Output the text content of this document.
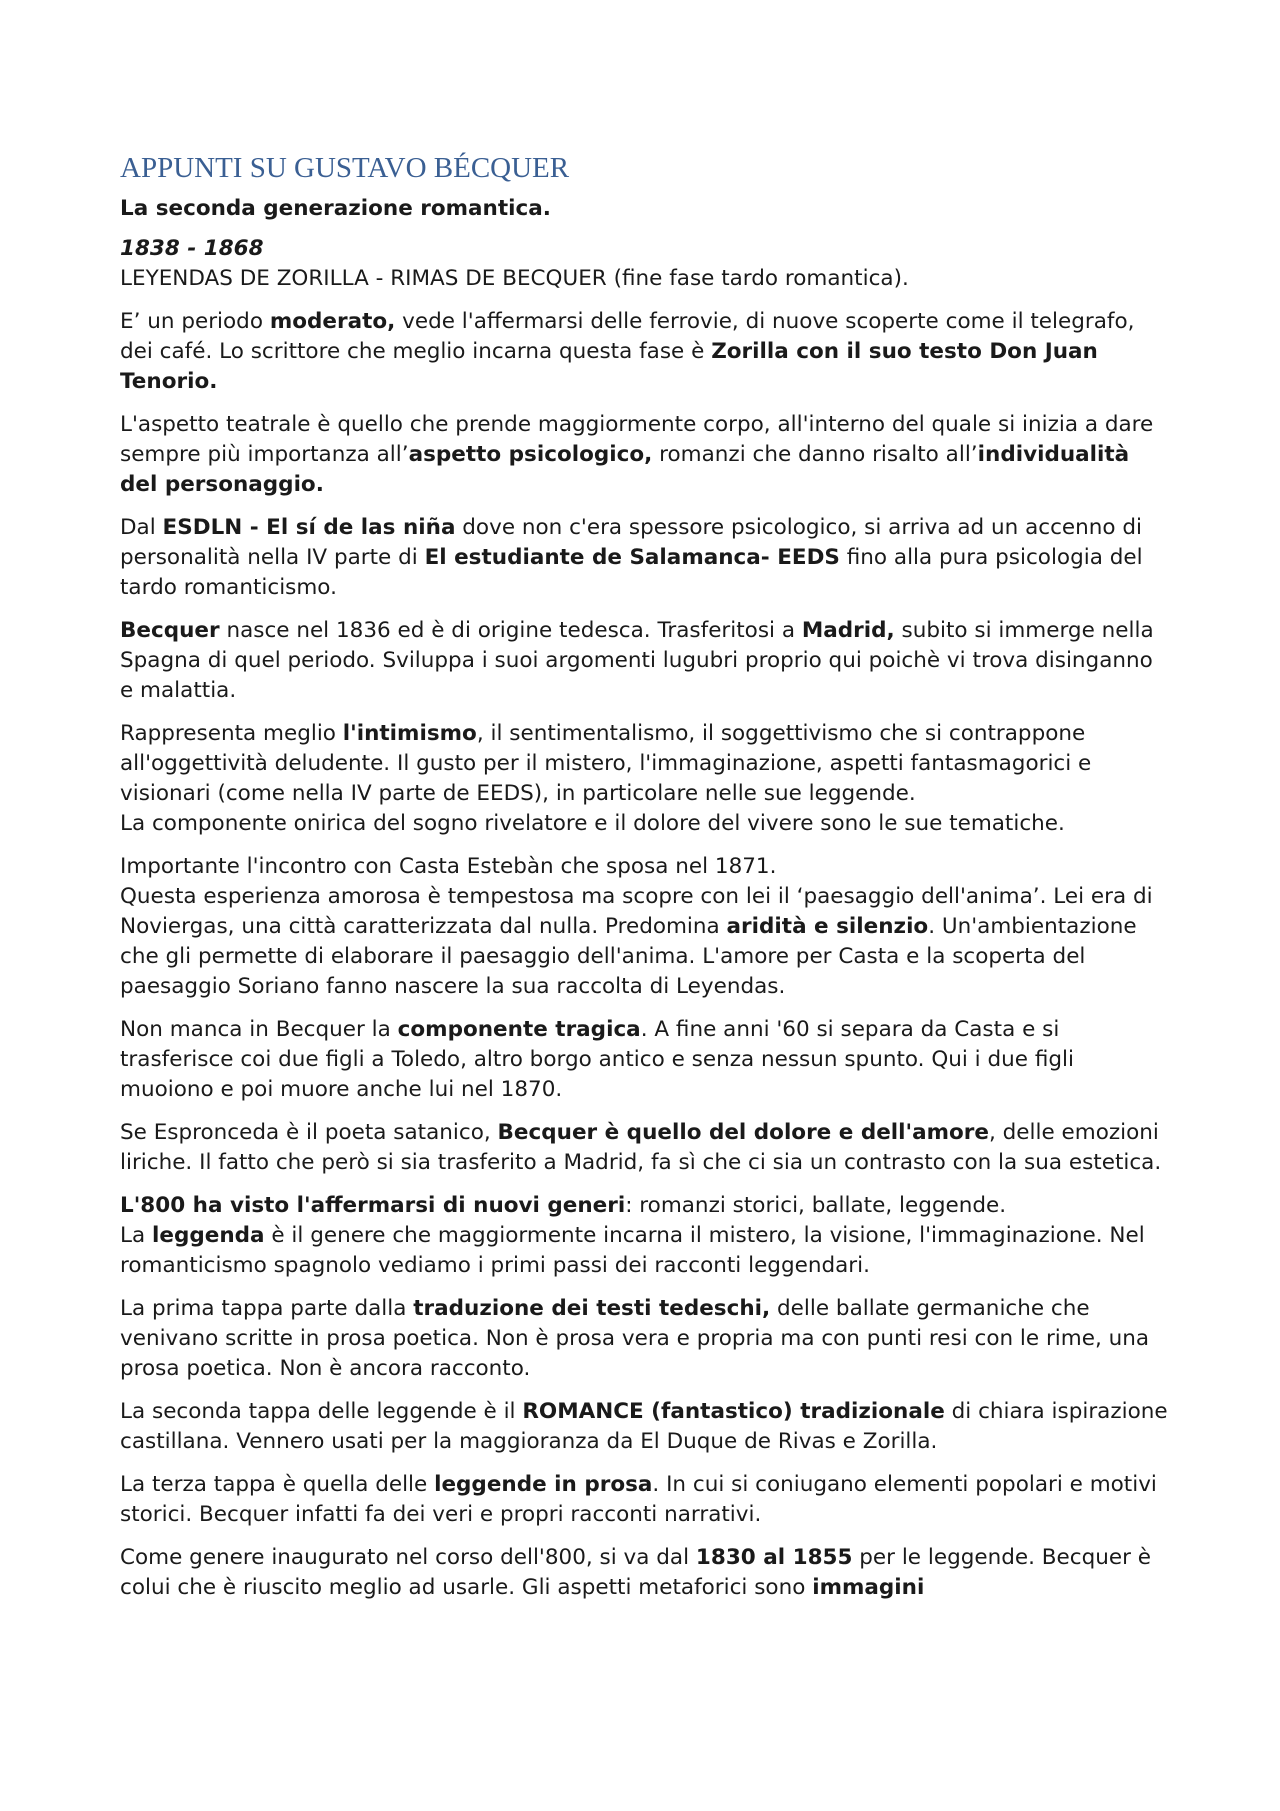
APPUNTI SU GUSTAVO BÉCQUER

La seconda generazione romantica.

1838 - 1868
LEYENDAS DE ZORILLA - RIMAS DE BECQUER (fine fase tardo romantica).

E’ un periodo moderato, vede l'affermarsi delle ferrovie, di nuove scoperte come il telegrafo, dei café. Lo scrittore che meglio incarna questa fase è Zorilla con il suo testo Don Juan Tenorio.

L'aspetto teatrale è quello che prende maggiormente corpo, all'interno del quale si inizia a dare sempre più importanza all’aspetto psicologico, romanzi che danno risalto all’individualità del personaggio.

Dal ESDLN - El sí de las niña dove non c'era spessore psicologico, si arriva ad un accenno di personalità nella IV parte di El estudiante de Salamanca- EEDS fino alla pura psicologia del tardo romanticismo.

Becquer nasce nel 1836 ed è di origine tedesca. Trasferitosi a Madrid, subito si immerge nella Spagna di quel periodo. Sviluppa i suoi argomenti lugubri proprio qui poichè vi trova disinganno e malattia.

Rappresenta meglio l'intimismo, il sentimentalismo, il soggettivismo che si contrappone all'oggettività deludente. Il gusto per il mistero, l'immaginazione, aspetti fantasmagorici e visionari (come nella IV parte de EEDS), in particolare nelle sue leggende.
La componente onirica del sogno rivelatore e il dolore del vivere sono le sue tematiche.

Importante l'incontro con Casta Estebàn che sposa nel 1871.
Questa esperienza amorosa è tempestosa ma scopre con lei il ‘paesaggio dell'anima’. Lei era di Noviergas, una città caratterizzata dal nulla. Predomina aridità e silenzio. Un'ambientazione che gli permette di elaborare il paesaggio dell'anima. L'amore per Casta e la scoperta del paesaggio Soriano fanno nascere la sua raccolta di Leyendas.

Non manca in Becquer la componente tragica. A fine anni '60 si separa da Casta e si trasferisce coi due figli a Toledo, altro borgo antico e senza nessun spunto. Qui i due figli muoiono e poi muore anche lui nel 1870.

Se Espronceda è il poeta satanico, Becquer è quello del dolore e dell'amore, delle emozioni liriche. Il fatto che però si sia trasferito a Madrid, fa sì che ci sia un contrasto con la sua estetica.

L'800 ha visto l'affermarsi di nuovi generi: romanzi storici, ballate, leggende.
La leggenda è il genere che maggiormente incarna il mistero, la visione, l'immaginazione. Nel romanticismo spagnolo vediamo i primi passi dei racconti leggendari.

La prima tappa parte dalla traduzione dei testi tedeschi, delle ballate germaniche che venivano scritte in prosa poetica. Non è prosa vera e propria ma con punti resi con le rime, una prosa poetica. Non è ancora racconto.

La seconda tappa delle leggende è il ROMANCE (fantastico) tradizionale di chiara ispirazione castillana. Vennero usati per la maggioranza da El Duque de Rivas e Zorilla.

La terza tappa è quella delle leggende in prosa. In cui si coniugano elementi popolari e motivi storici. Becquer infatti fa dei veri e propri racconti narrativi.

Come genere inaugurato nel corso dell'800, si va dal 1830 al 1855 per le leggende. Becquer è colui che è riuscito meglio ad usarle. Gli aspetti metaforici sono immagini
